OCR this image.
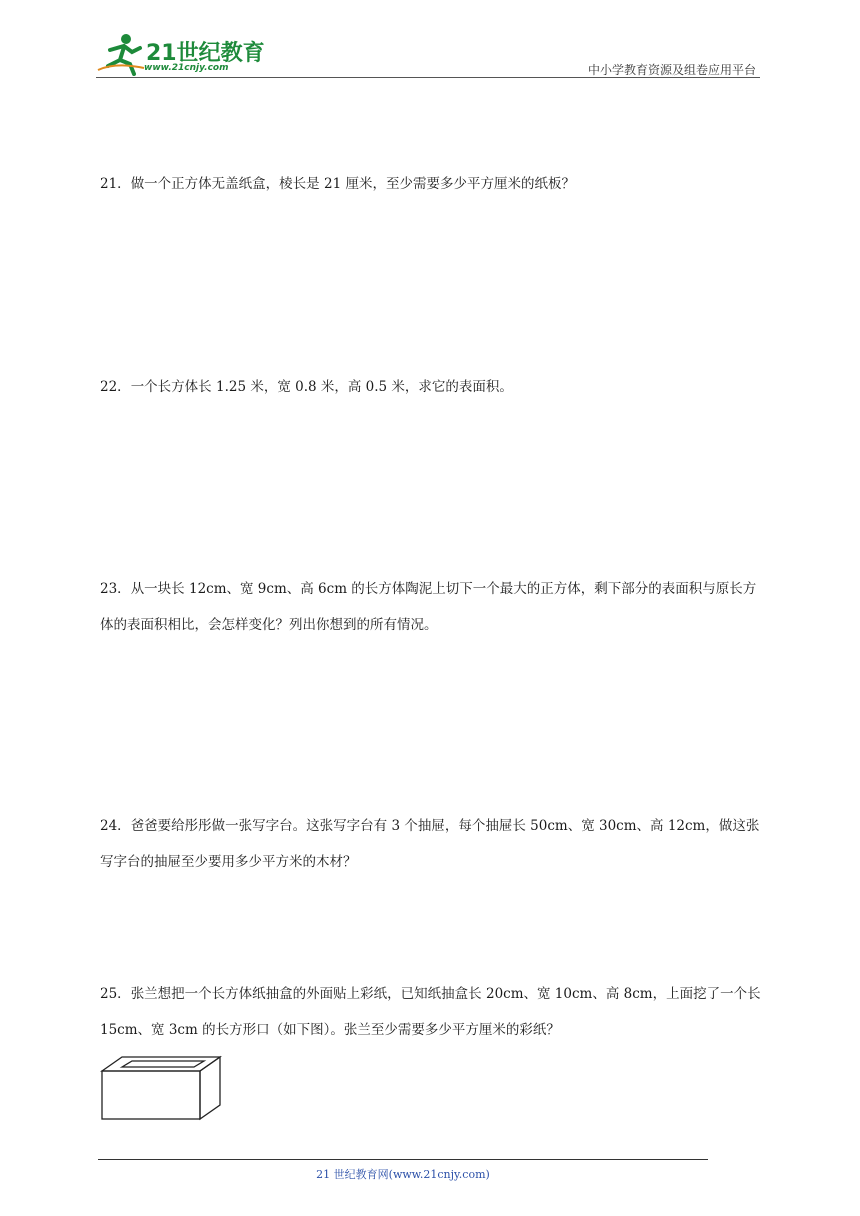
21世纪教育
www.21cnjy.com	中小学教育资源及组卷应用平台
21．做一个正方体无盖纸盒，棱长是 21 厘米，至少需要多少平方厘米的纸板？
22．一个长方体长 1.25 米，宽 0.8 米，高 0.5 米，求它的表面积。
23．从一块长 12cm、宽 9cm、高 6cm 的长方体陶泥上切下一个最大的正方体，剩下部分的表面积与原长方体的表面积相比，会怎样变化？列出你想到的所有情况。
24．爸爸要给彤彤做一张写字台。这张写字台有 3 个抽屉，每个抽屉长 50cm、宽 30cm、高 12cm，做这张写字台的抽屉至少要用多少平方米的木材？
25．张兰想把一个长方体纸抽盒的外面贴上彩纸，已知纸抽盒长 20cm、宽 10cm、高 8cm，上面挖了一个长 15cm、宽 3cm 的长方形口（如下图）。张兰至少需要多少平方厘米的彩纸？
21 世纪教育网(www.21cnjy.com)
